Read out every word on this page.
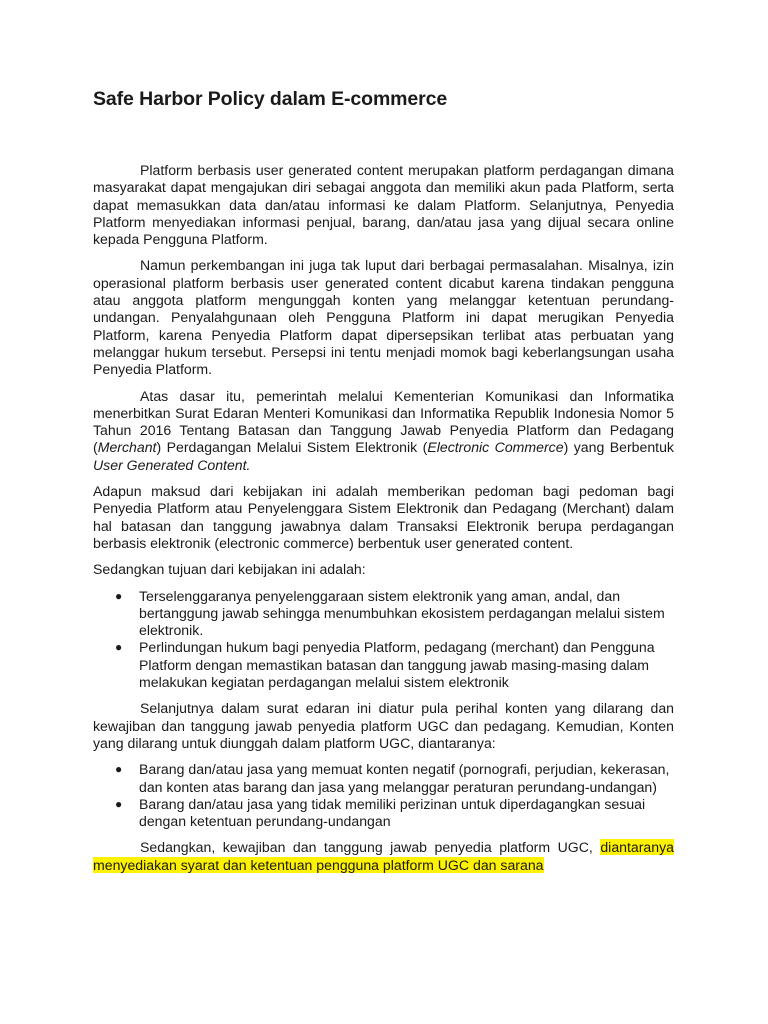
Safe Harbor Policy dalam E-commerce

Platform berbasis user generated content merupakan platform perdagangan dimana masyarakat dapat mengajukan diri sebagai anggota dan memiliki akun pada Platform, serta dapat memasukkan data dan/atau informasi ke dalam Platform. Selanjutnya, Penyedia Platform menyediakan informasi penjual, barang, dan/atau jasa yang dijual secara online kepada Pengguna Platform.

Namun perkembangan ini juga tak luput dari berbagai permasalahan. Misalnya, izin operasional platform berbasis user generated content dicabut karena tindakan pengguna atau anggota platform mengunggah konten yang melanggar ketentuan perundang-undangan. Penyalahgunaan oleh Pengguna Platform ini dapat merugikan Penyedia Platform, karena Penyedia Platform dapat dipersepsikan terlibat atas perbuatan yang melanggar hukum tersebut. Persepsi ini tentu menjadi momok bagi keberlangsungan usaha Penyedia Platform.

Atas dasar itu, pemerintah melalui Kementerian Komunikasi dan Informatika menerbitkan Surat Edaran Menteri Komunikasi dan Informatika Republik Indonesia Nomor 5 Tahun 2016 Tentang Batasan dan Tanggung Jawab Penyedia Platform dan Pedagang (Merchant) Perdagangan Melalui Sistem Elektronik (Electronic Commerce) yang Berbentuk User Generated Content.

Adapun maksud dari kebijakan ini adalah memberikan pedoman bagi pedoman bagi Penyedia Platform atau Penyelenggara Sistem Elektronik dan Pedagang (Merchant) dalam hal batasan dan tanggung jawabnya dalam Transaksi Elektronik berupa perdagangan berbasis elektronik (electronic commerce) berbentuk user generated content.

Sedangkan tujuan dari kebijakan ini adalah:

● Terselenggaranya penyelenggaraan sistem elektronik yang aman, andal, dan bertanggung jawab sehingga menumbuhkan ekosistem perdagangan melalui sistem elektronik.
● Perlindungan hukum bagi penyedia Platform, pedagang (merchant) dan Pengguna Platform dengan memastikan batasan dan tanggung jawab masing-masing dalam melakukan kegiatan perdagangan melalui sistem elektronik

Selanjutnya dalam surat edaran ini diatur pula perihal konten yang dilarang dan kewajiban dan tanggung jawab penyedia platform UGC dan pedagang. Kemudian, Konten yang dilarang untuk diunggah dalam platform UGC, diantaranya:

● Barang dan/atau jasa yang memuat konten negatif (pornografi, perjudian, kekerasan, dan konten atas barang dan jasa yang melanggar peraturan perundang-undangan)
● Barang dan/atau jasa yang tidak memiliki perizinan untuk diperdagangkan sesuai dengan ketentuan perundang-undangan

Sedangkan, kewajiban dan tanggung jawab penyedia platform UGC, diantaranya menyediakan syarat dan ketentuan pengguna platform UGC dan sarana
